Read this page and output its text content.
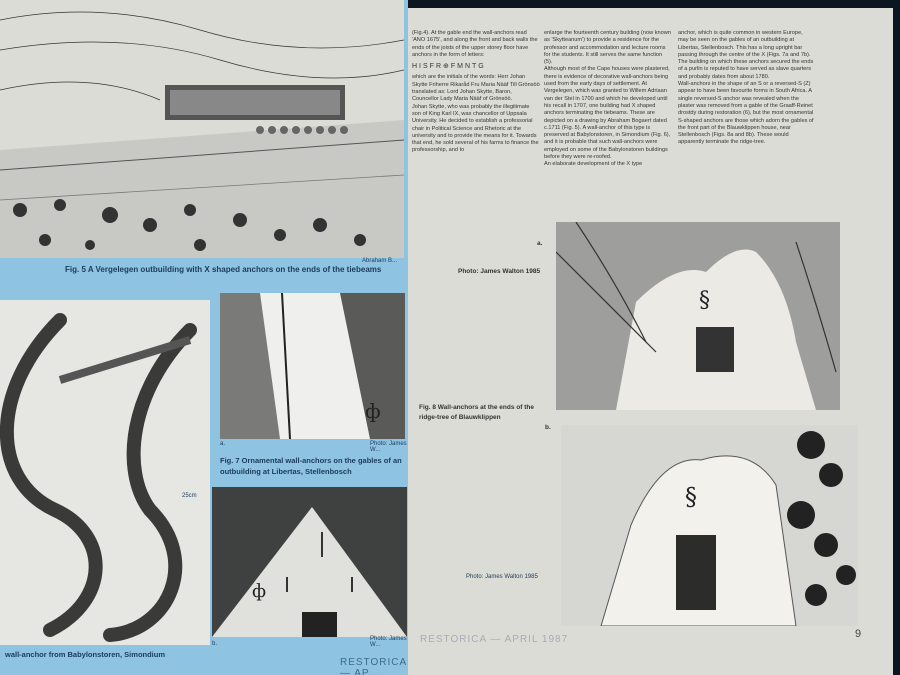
Fig. 5 A Vergelegen outbuilding with X shaped anchors on the ends of the tiebeams
Abraham B...
25cm
ф
a.	Photo: James W...
Fig. 7 Ornamental wall-anchors on the gables of an outbuilding at Libertas, Stellenbosch
ф
b.
Photo: James W...
wall-anchor from Babylonstoren, Simondium
RESTORICA — AP...

(Fig.4). At the gable end the wall-anchors read 'ANO 1675', and along the front and back walls the ends of the joists of the upper storey floor have anchors in the form of letters:

HISFR⊕FMNTG

which are the initials of the words: Herr Johan Skytte Friherre Rikaråd Fru Maria Nääf Till Grönsöö

translated as: Lord Johan Skytte, Baron, Councellor Lady Maria Nääf of Grönsöö.

Johan Skytte, who was probably the illegitimate son of King Karl IX, was chancellor of Uppsala University. He decided to establish a professorial chair in Political Science and Rhetoric at the university and to provide the means for it. Towards that end, he sold several of his farms to finance the professorship, and to

enlarge the fourteenth century building (now known as 'Skytteanum') to provide a residence for the professor and accommodation and lecture rooms for the students. It still serves the same function (5).

Although most of the Cape houses were plastered, there is evidence of decorative wall-anchors being used from the early days of settlement. At Vergelegen, which was granted to Willem Adriaan van der Stel in 1700 and which he developed until his recall in 1707, one building had X shaped anchors terminating the tiebeams. These are depicted on a drawing by Abraham Bogaert dated c.1711 (Fig. 5). A wall-anchor of this type is preserved at Babylonstoren, in Simondium (Fig. 6), and it is probable that such wall-anchors were employed on some of the Babylonstoren buildings before they were re-roofed.

An elaborate development of the X type

anchor, which is quite common in western Europe, may be seen on the gables of an outbuilding at Libertas, Stellenbosch. This has a long upright bar passing through the centre of the X (Figs. 7a and 7b). The building on which these anchors secured the ends of a purlin is reputed to have served as slave quarters and probably dates from about 1780.

Wall-anchors in the shape of an S or a reversed-S (Z) appear to have been favourite forms in South Africa. A single reversed-S anchor was revealed when the plaster was removed from a gable of the Graaff-Reinet drostdy during restoration (6), but the most ornamental S-shaped anchors are those which adorn the gables of the front part of the Blauwklippen house, near Stellenbosch (Figs. 8a and 8b). These would apparently terminate the ridge-tree.

a.
Photo: James Walton 1985
§
Fig. 8 Wall-anchors at the ends of the ridge-tree of Blauwklippen
b.
§
Photo: James Walton 1985
RESTORICA — APRIL 1987	9
